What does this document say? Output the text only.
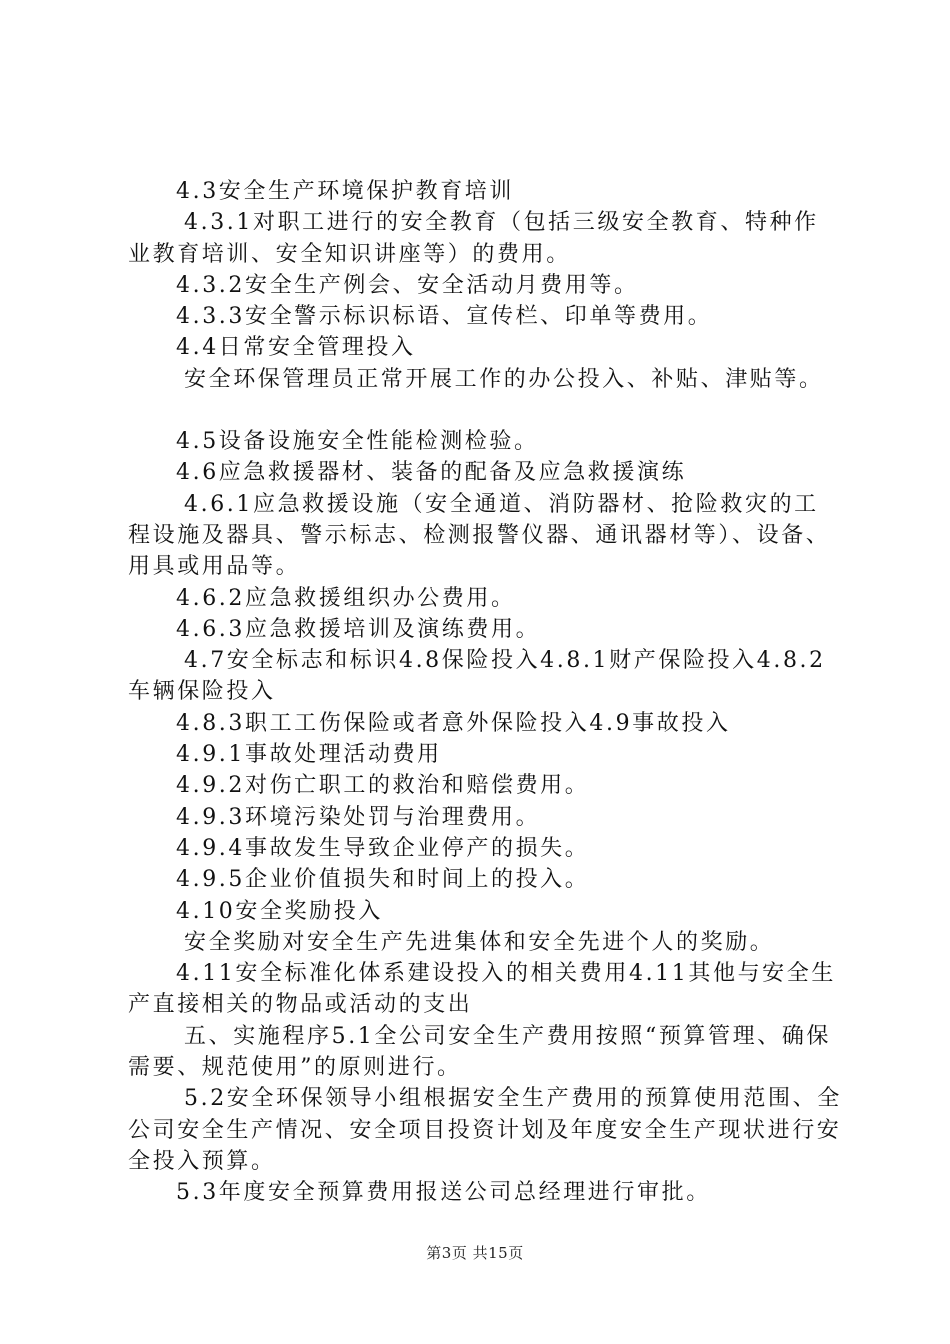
4.3安全生产环境保护教育培训

4.3.1对职工进行的安全教育（包括三级安全教育、特种作业教育培训、安全知识讲座等）的费用。

4.3.2安全生产例会、安全活动月费用等。

4.3.3安全警示标识标语、宣传栏、印单等费用。

4.4日常安全管理投入

安全环保管理员正常开展工作的办公投入、补贴、津贴等。

4.5设备设施安全性能检测检验。

4.6应急救援器材、装备的配备及应急救援演练

4.6.1应急救援设施（安全通道、消防器材、抢险救灾的工程设施及器具、警示标志、检测报警仪器、通讯器材等）、设备、用具或用品等。

4.6.2应急救援组织办公费用。

4.6.3应急救援培训及演练费用。

4.7安全标志和标识4.8保险投入4.8.1财产保险投入4.8.2车辆保险投入

4.8.3职工工伤保险或者意外保险投入4.9事故投入

4.9.1事故处理活动费用

4.9.2对伤亡职工的救治和赔偿费用。

4.9.3环境污染处罚与治理费用。

4.9.4事故发生导致企业停产的损失。

4.9.5企业价值损失和时间上的投入。

4.10安全奖励投入

安全奖励对安全生产先进集体和安全先进个人的奖励。

4.11安全标准化体系建设投入的相关费用4.11其他与安全生产直接相关的物品或活动的支出

五、实施程序5.1全公司安全生产费用按照“预算管理、确保需要、规范使用”的原则进行。

5.2安全环保领导小组根据安全生产费用的预算使用范围、全公司安全生产情况、安全项目投资计划及年度安全生产现状进行安全投入预算。

5.3年度安全预算费用报送公司总经理进行审批。

第3页 共15页
